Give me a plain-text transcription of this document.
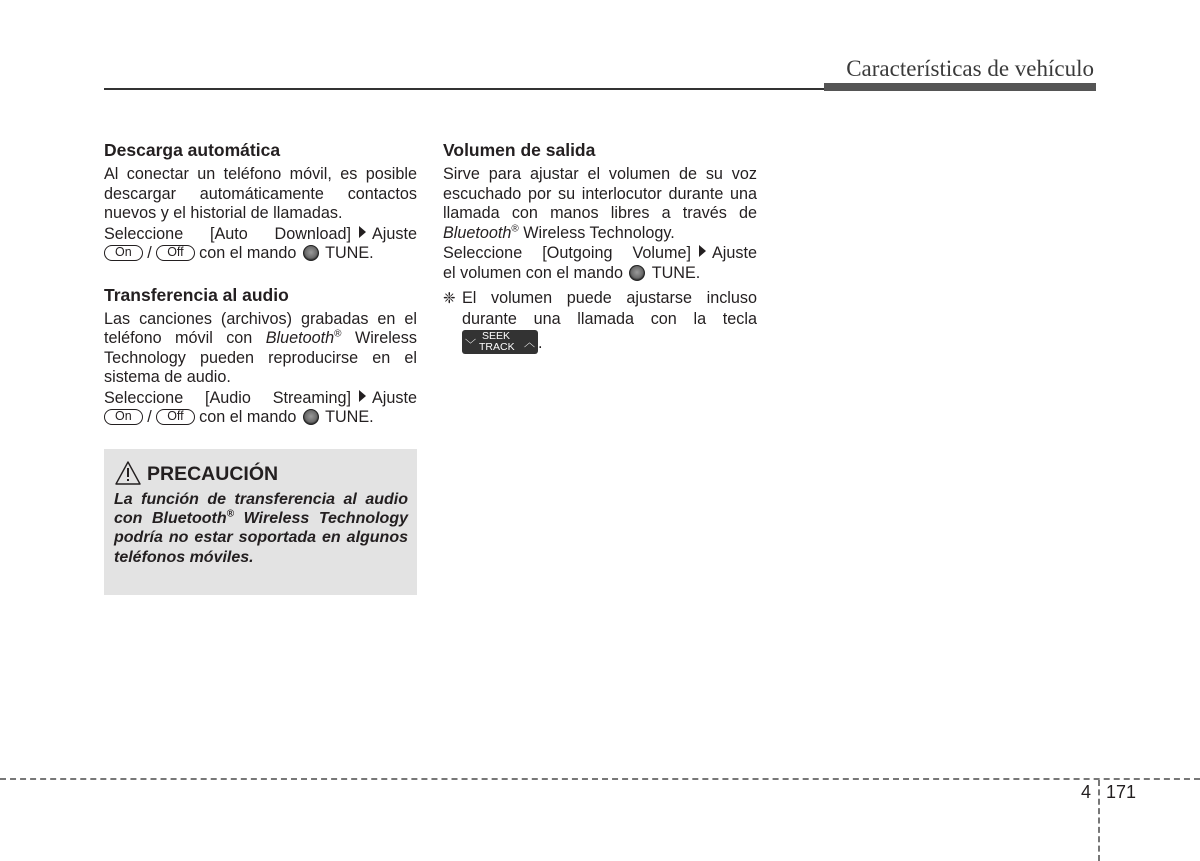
Características de vehículo
Descarga automática

Al conectar un teléfono móvil, es posible descargar automáticamente contactos nuevos y el historial de llamadas.

Seleccione [Auto Download] Ajuste

On / Off con el mando TUNE.

Transferencia al audio

Las canciones (archivos) grabadas en el teléfono móvil con Bluetooth® Wireless Technology pueden reproducirse en el sistema de audio.

Seleccione [Audio Streaming] Ajuste

On / Off con el mando TUNE.

PRECAUCIÓN

La función de transferencia al audio con Bluetooth® Wireless Technology podría no estar soportada en algunos teléfonos móviles.

Volumen de salida

Sirve para ajustar el volumen de su voz escuchado por su interlocutor durante una llamada con manos libres a través de Bluetooth® Wireless Technology.

Seleccione [Outgoing Volume] Ajuste

el volumen con el mando TUNE.

❈ El volumen puede ajustarse incluso durante una llamada con la tecla
﹀
SEEK
TRACK ︿ .

4 171
